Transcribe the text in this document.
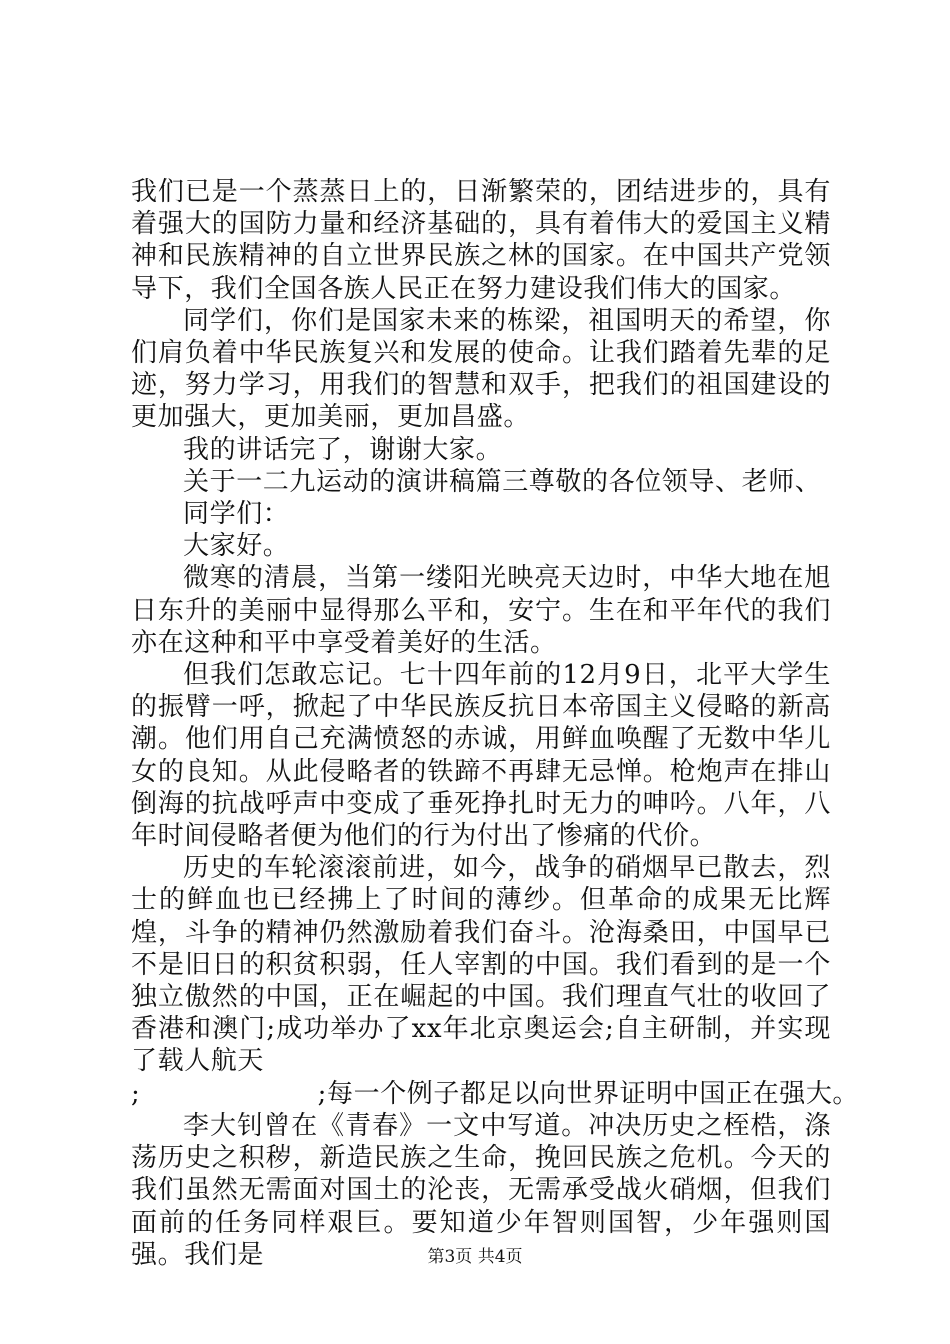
我们已是一个蒸蒸日上的，日渐繁荣的，团结进步的，具有着强大的国防力量和经济基础的，具有着伟大的爱国主义精神和民族精神的自立世界民族之林的国家。在中国共产党领导下，我们全国各族人民正在努力建设我们伟大的国家。

同学们，你们是国家未来的栋梁，祖国明天的希望，你们肩负着中华民族复兴和发展的使命。让我们踏着先辈的足迹，努力学习，用我们的智慧和双手，把我们的祖国建设的更加强大，更加美丽，更加昌盛。

我的讲话完了，谢谢大家。

关于一二九运动的演讲稿篇三尊敬的各位领导、老师、

同学们：

大家好。

微寒的清晨，当第一缕阳光映亮天边时，中华大地在旭日东升的美丽中显得那么平和，安宁。生在和平年代的我们亦在这种和平中享受着美好的生活。

但我们怎敢忘记。七十四年前的12月9日，北平大学生的振臂一呼，掀起了中华民族反抗日本帝国主义侵略的新高潮。他们用自己充满愤怒的赤诚，用鲜血唤醒了无数中华儿女的良知。从此侵略者的铁蹄不再肆无忌惮。枪炮声在排山倒海的抗战呼声中变成了垂死挣扎时无力的呻吟。八年，八年时间侵略者便为他们的行为付出了惨痛的代价。

历史的车轮滚滚前进，如今，战争的硝烟早已散去，烈士的鲜血也已经拂上了时间的薄纱。但革命的成果无比辉煌，斗争的精神仍然激励着我们奋斗。沧海桑田，中国早已不是旧日的积贫积弱，任人宰割的中国。我们看到的是一个独立傲然的中国，正在崛起的中国。我们理直气壮的收回了香港和澳门;成功举办了xx年北京奥运会;自主研制，并实现了载人航天

;                    ;每一个例子都足以向世界证明中国正在强大。

李大钊曾在《青春》一文中写道。冲决历史之桎梏，涤荡历史之积秽，新造民族之生命，挽回民族之危机。今天的我们虽然无需面对国土的沦丧，无需承受战火硝烟，但我们面前的任务同样艰巨。要知道少年智则国智，少年强则国强。我们是	第3页 共4页
